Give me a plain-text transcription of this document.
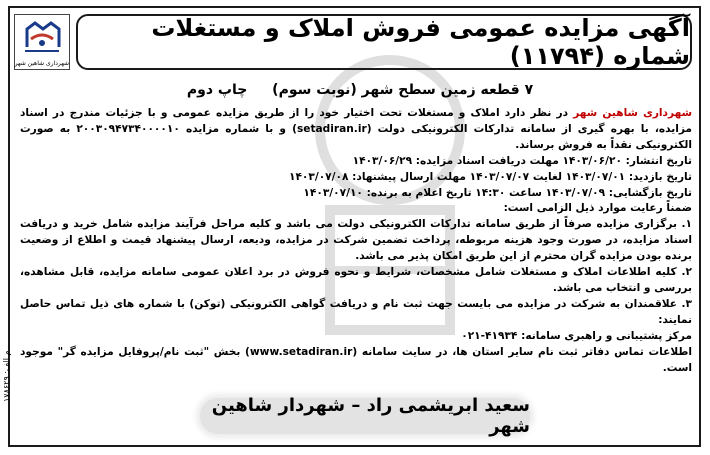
شهرداری شاهین شهر
آگهی مزایده عمومی فروش املاک و مستغلات شماره (۱۱۷۹۴)
۷ قطعه زمین سطح شهر (نوبت سوم) چاپ دوم

شهرداری شاهین شهر در نظر دارد املاک و مستغلات تحت اختیار خود را از طریق مزایده عمومی و با جزئیات مندرج در اسناد مزایده، با بهره گیری از سامانه تدارکات الکترونیکی دولت (setadiran.ir) و با شماره مزایده ۲۰۰۳۰۹۴۷۳۴۰۰۰۰۱۰ به صورت الکترونیکی نقداً به فروش برساند.

تاریخ انتشار: ۱۴۰۳/۰۶/۲۰ مهلت دریافت اسناد مزایده: ۱۴۰۳/۰۶/۲۹

تاریخ بازدید: ۱۴۰۳/۰۷/۰۱ لغایت ۱۴۰۳/۰۷/۰۷ مهلت ارسال پیشنهاد: ۱۴۰۳/۰۷/۰۸

تاریخ بازگشایی: ۱۴۰۳/۰۷/۰۹ ساعت ۱۴:۳۰ تاریخ اعلام به برنده: ۱۴۰۳/۰۷/۱۰

ضمناً رعایت موارد ذیل الزامی است:

۱. برگزاری مزایده صرفاً از طریق سامانه تدارکات الکترونیکی دولت می باشد و کلیه مراحل فرآیند مزایده شامل خرید و دریافت اسناد مزایده، در صورت وجود هزینه مربوطه، پرداخت تضمین شرکت در مزایده، ودیعه، ارسال پیشنهاد قیمت و اطلاع از وضعیت برنده بودن مزایده گران محترم از این طریق امکان پذیر می باشد.

۲. کلیه اطلاعات املاک و مستغلات شامل مشخصات، شرایط و نحوه فروش در برد اعلان عمومی سامانه مزایده، قابل مشاهده، بررسی و انتخاب می باشد.

۳. علاقمندان به شرکت در مزایده می بایست جهت ثبت نام و دریافت گواهی الکترونیکی (توکن) با شماره های ذیل تماس حاصل نمایند:

مرکز پشتیبانی و راهبری سامانه: ۴۱۹۳۴-۰۲۱

اطلاعات تماس دفاتر ثبت نام سایر استان ها، در سایت سامانه (www.setadiran.ir) بخش "ثبت نام/پروفایل مزایده گر" موجود است.

م الف: ۱۷۸۶۲۹
سعید ابریشمی راد – شهردار شاهین شهر
